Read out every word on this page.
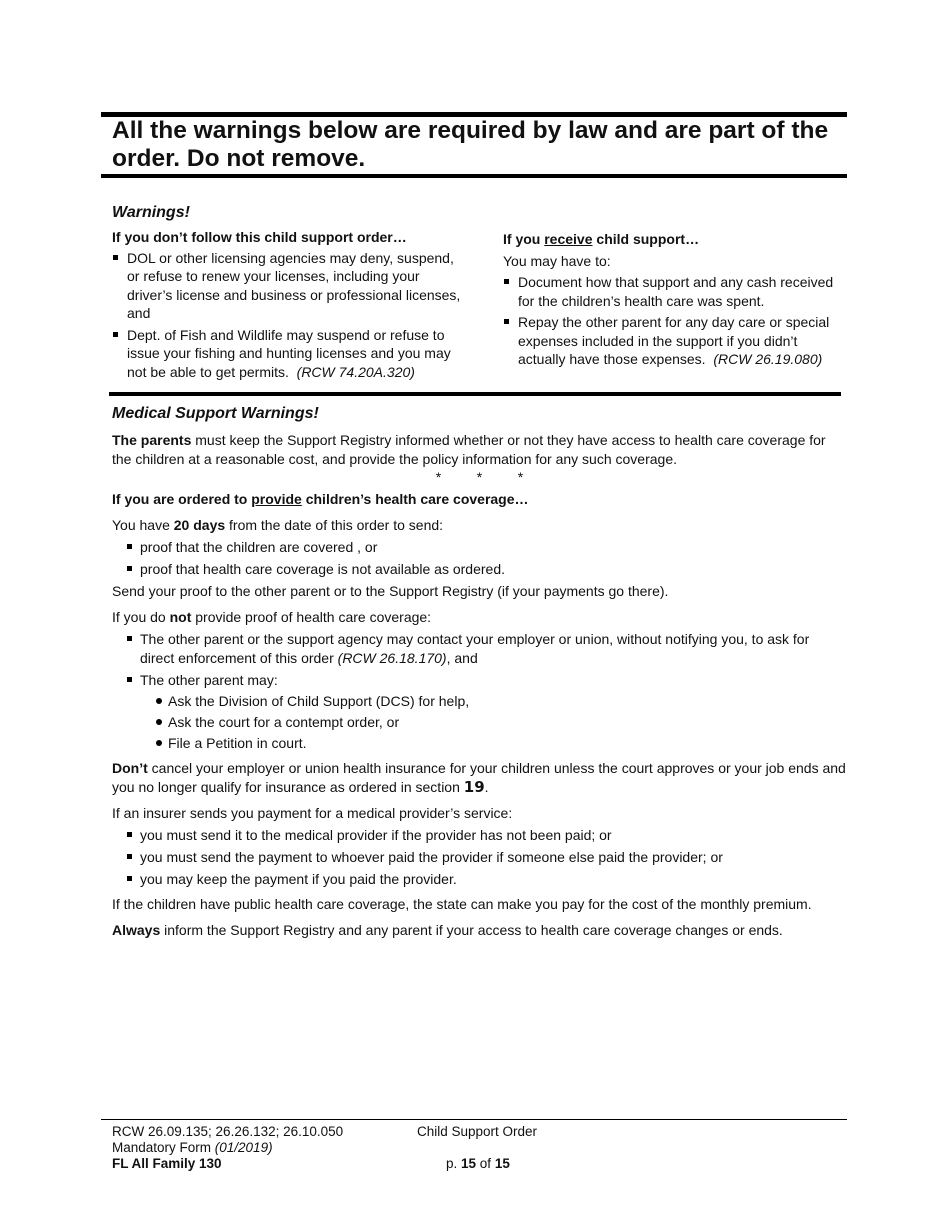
All the warnings below are required by law and are part of the order. Do not remove.

Warnings!

If you don’t follow this child support order…

DOL or other licensing agencies may deny, suspend, or refuse to renew your licenses, including your driver’s license and business or professional licenses, and
Dept. of Fish and Wildlife may suspend or refuse to issue your fishing and hunting licenses and you may not be able to get permits. (RCW 74.20A.320)

If you receive child support…

You may have to:

Document how that support and any cash received for the children’s health care was spent.
Repay the other parent for any day care or special expenses included in the support if you didn’t actually have those expenses. (RCW 26.19.080)

Medical Support Warnings!

The parents must keep the Support Registry informed whether or not they have access to health care coverage for the children at a reasonable cost, and provide the policy information for any such coverage.

*	*	*

If you are ordered to provide children’s health care coverage…

You have 20 days from the date of this order to send:

proof that the children are covered , or
proof that health care coverage is not available as ordered.

Send your proof to the other parent or to the Support Registry (if your payments go there).

If you do not provide proof of health care coverage:

The other parent or the support agency may contact your employer or union, without notifying you, to ask for direct enforcement of this order (RCW 26.18.170), and
The other parent may:
Ask the Division of Child Support (DCS) for help,
Ask the court for a contempt order, or
File a Petition in court.

Don’t cancel your employer or union health insurance for your children unless the court approves or your job ends and you no longer qualify for insurance as ordered in section 19.

If an insurer sends you payment for a medical provider’s service:

you must send it to the medical provider if the provider has not been paid; or
you must send the payment to whoever paid the provider if someone else paid the provider; or
you may keep the payment if you paid the provider.

If the children have public health care coverage, the state can make you pay for the cost of the monthly premium.

Always inform the Support Registry and any parent if your access to health care coverage changes or ends.

RCW 26.09.135; 26.26.132; 26.10.050
Mandatory Form (01/2019)
FL All Family 130
Child Support Order
p. 15 of 15
